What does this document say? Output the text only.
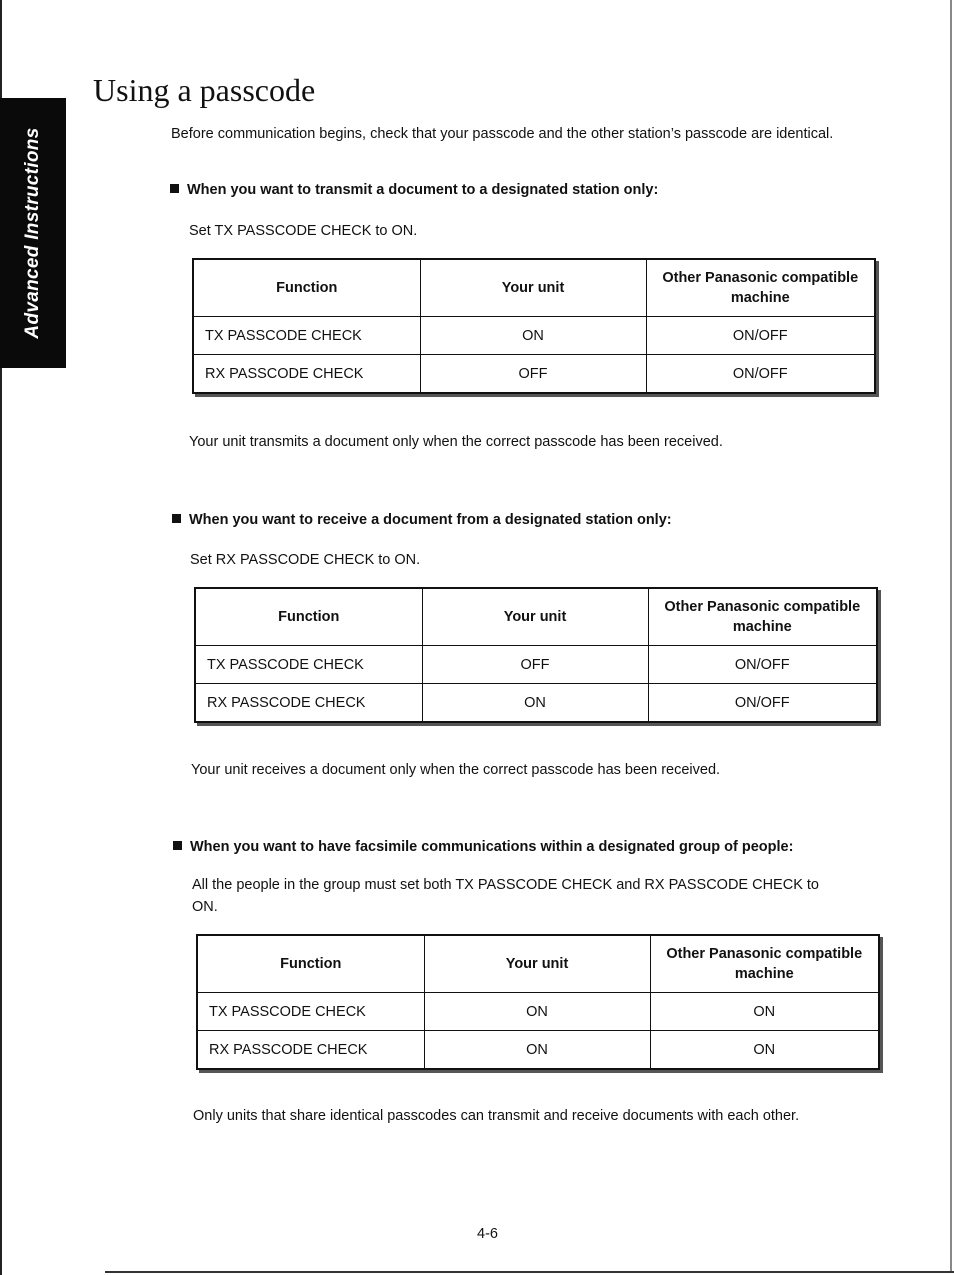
Advanced Instructions
Using a passcode

Before communication begins, check that your passcode and the other station’s passcode are identical.

When you want to transmit a document to a designated station only:

Set TX PASSCODE CHECK to ON.

Function	Your unit	Other Panasonic compatible machine
TX PASSCODE CHECK	ON	ON/OFF
RX PASSCODE CHECK	OFF	ON/OFF

Your unit transmits a document only when the correct passcode has been received.

When you want to receive a document from a designated station only:

Set RX PASSCODE CHECK to ON.

Function	Your unit	Other Panasonic compatible machine
TX PASSCODE CHECK	OFF	ON/OFF
RX PASSCODE CHECK	ON	ON/OFF

Your unit receives a document only when the correct passcode has been received.

When you want to have facsimile communications within a designated group of people:

All the people in the group must set both TX PASSCODE CHECK and RX PASSCODE CHECK to ON.

Function	Your unit	Other Panasonic compatible machine
TX PASSCODE CHECK	ON	ON
RX PASSCODE CHECK	ON	ON

Only units that share identical passcodes can transmit and receive documents with each other.

4-6
